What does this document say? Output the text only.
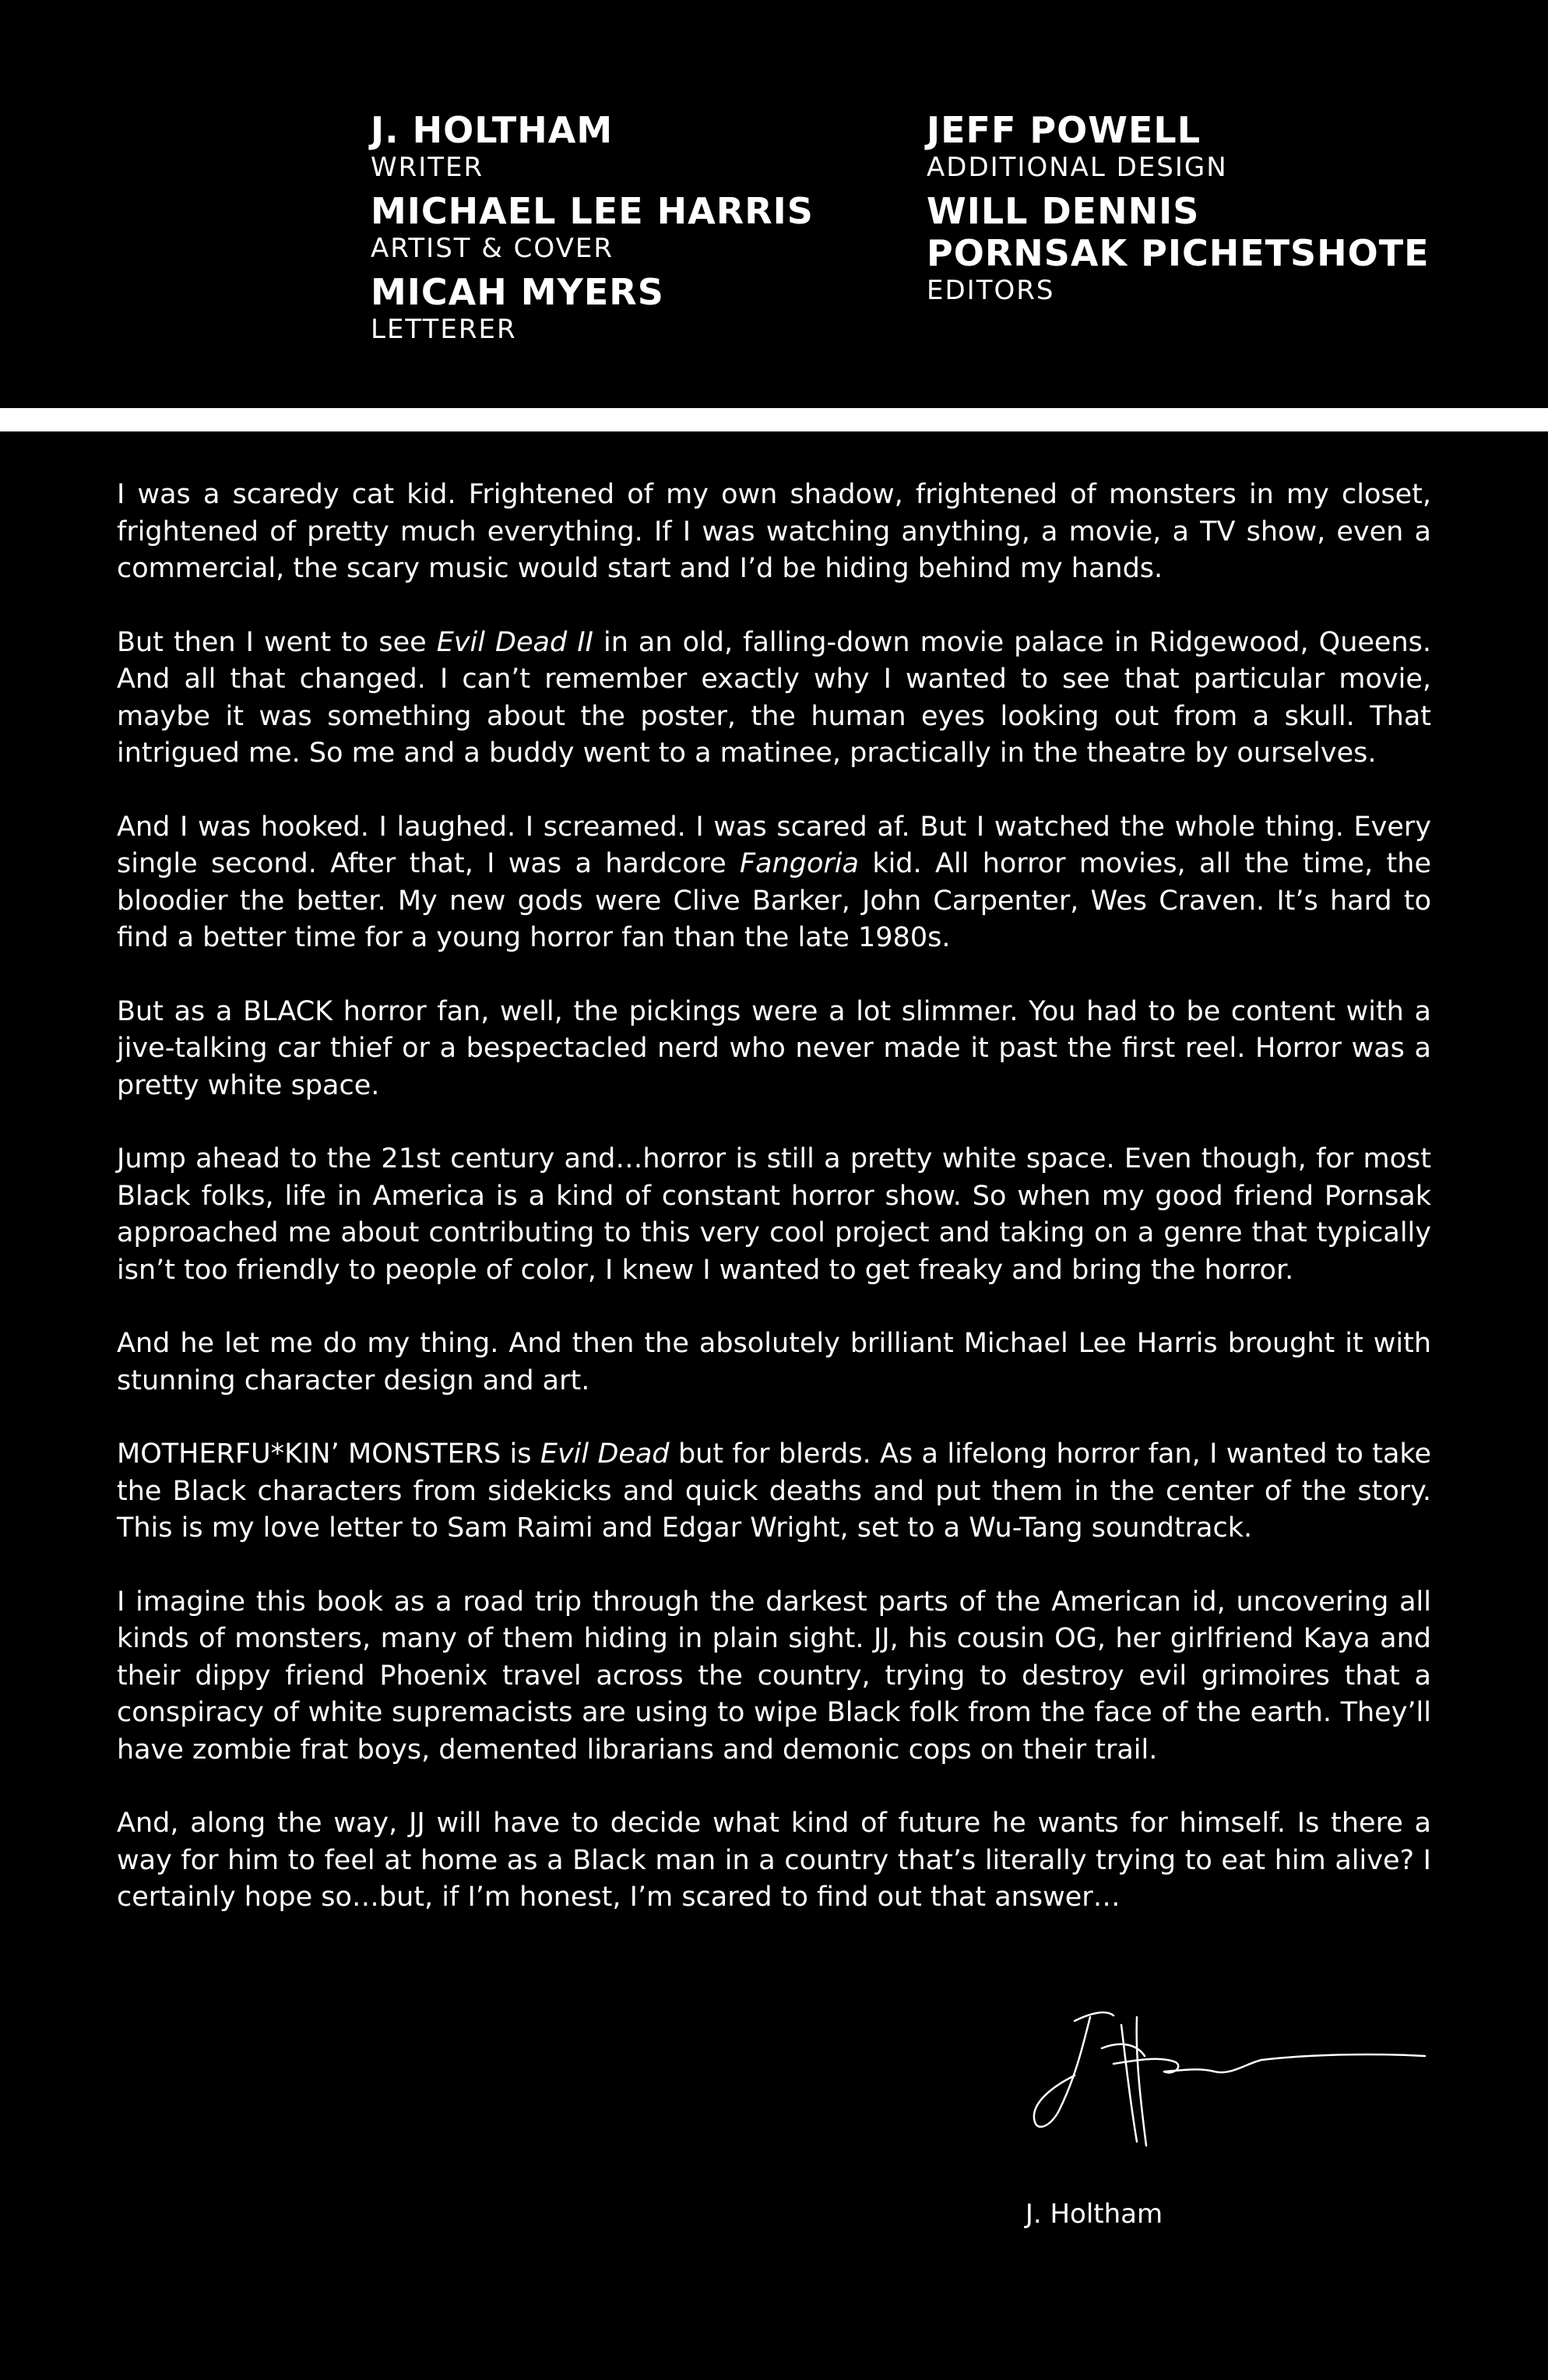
J. HOLTHAM

WRITER

MICHAEL LEE HARRIS

ARTIST & COVER

MICAH MYERS

LETTERER

JEFF POWELL

ADDITIONAL DESIGN

WILL DENNIS

PORNSAK PICHETSHOTE

EDITORS

I was a scaredy cat kid. Frightened of my own shadow, frightened of monsters in my closet, frightened of pretty much everything. If I was watching anything, a movie, a TV show, even a commercial, the scary music would start and I’d be hiding behind my hands.

But then I went to see Evil Dead II in an old, falling-down movie palace in Ridgewood, Queens. And all that changed. I can’t remember exactly why I wanted to see that particular movie, maybe it was something about the poster, the human eyes looking out from a skull. That intrigued me. So me and a buddy went to a matinee, practically in the theatre by ourselves.

And I was hooked. I laughed. I screamed. I was scared af. But I watched the whole thing. Every single second. After that, I was a hardcore Fangoria kid. All horror movies, all the time, the bloodier the better. My new gods were Clive Barker, John Carpenter, Wes Craven. It’s hard to find a better time for a young horror fan than the late 1980s.

But as a BLACK horror fan, well, the pickings were a lot slimmer. You had to be content with a jive-talking car thief or a bespectacled nerd who never made it past the first reel. Horror was a pretty white space.

Jump ahead to the 21st century and…horror is still a pretty white space. Even though, for most Black folks, life in America is a kind of constant horror show. So when my good friend Pornsak approached me about contributing to this very cool project and taking on a genre that typically isn’t too friendly to people of color, I knew I wanted to get freaky and bring the horror.

And he let me do my thing. And then the absolutely brilliant Michael Lee Harris brought it with stunning character design and art.

MOTHERFU*KIN’ MONSTERS is Evil Dead but for blerds. As a lifelong horror fan, I wanted to take the Black characters from sidekicks and quick deaths and put them in the center of the story. This is my love letter to Sam Raimi and Edgar Wright, set to a Wu-Tang soundtrack.

I imagine this book as a road trip through the darkest parts of the American id, uncovering all kinds of monsters, many of them hiding in plain sight. JJ, his cousin OG, her girlfriend Kaya and their dippy friend Phoenix travel across the country, trying to destroy evil grimoires that a conspiracy of white supremacists are using to wipe Black folk from the face of the earth. They’ll have zombie frat boys, demented librarians and demonic cops on their trail.

And, along the way, JJ will have to decide what kind of future he wants for himself. Is there a way for him to feel at home as a Black man in a country that’s literally trying to eat him alive? I certainly hope so…but, if I’m honest, I’m scared to find out that answer…

J. Holtham
